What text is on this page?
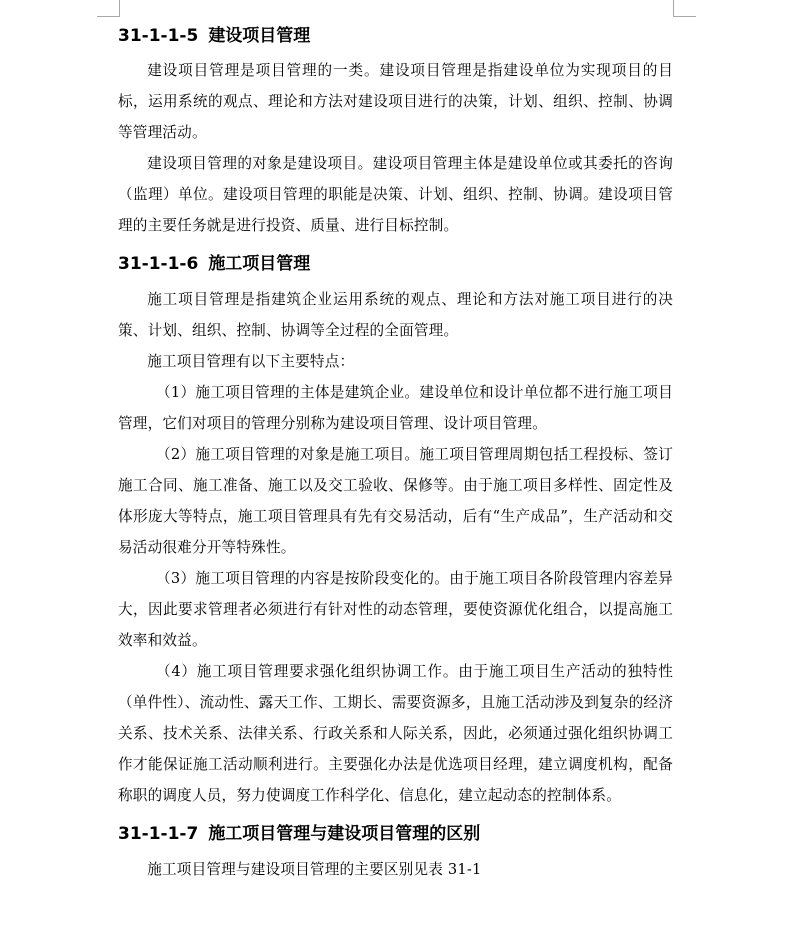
31-1-1-5 建设项目管理

建设项目管理是项目管理的一类。建设项目管理是指建设单位为实现项目的目标，运用系统的观点、理论和方法对建设项目进行的决策，计划、组织、控制、协调等管理活动。

建设项目管理的对象是建设项目。建设项目管理主体是建设单位或其委托的咨询（监理）单位。建设项目管理的职能是决策、计划、组织、控制、协调。建设项目管理的主要任务就是进行投资、质量、进行目标控制。

31-1-1-6 施工项目管理

施工项目管理是指建筑企业运用系统的观点、理论和方法对施工项目进行的决策、计划、组织、控制、协调等全过程的全面管理。

施工项目管理有以下主要特点：

（1）施工项目管理的主体是建筑企业。建设单位和设计单位都不进行施工项目管理，它们对项目的管理分别称为建设项目管理、设计项目管理。

（2）施工项目管理的对象是施工项目。施工项目管理周期包括工程投标、签订施工合同、施工准备、施工以及交工验收、保修等。由于施工项目多样性、固定性及体形庞大等特点，施工项目管理具有先有交易活动，后有“生产成品”，生产活动和交易活动很难分开等特殊性。

（3）施工项目管理的内容是按阶段变化的。由于施工项目各阶段管理内容差异大，因此要求管理者必须进行有针对性的动态管理，要使资源优化组合，以提高施工效率和效益。

（4）施工项目管理要求强化组织协调工作。由于施工项目生产活动的独特性（单件性）、流动性、露天工作、工期长、需要资源多，且施工活动涉及到复杂的经济关系、技术关系、法律关系、行政关系和人际关系，因此，必须通过强化组织协调工作才能保证施工活动顺利进行。主要强化办法是优选项目经理，建立调度机构，配备称职的调度人员，努力使调度工作科学化、信息化，建立起动态的控制体系。

31-1-1-7 施工项目管理与建设项目管理的区别

施工项目管理与建设项目管理的主要区别见表 31-1
